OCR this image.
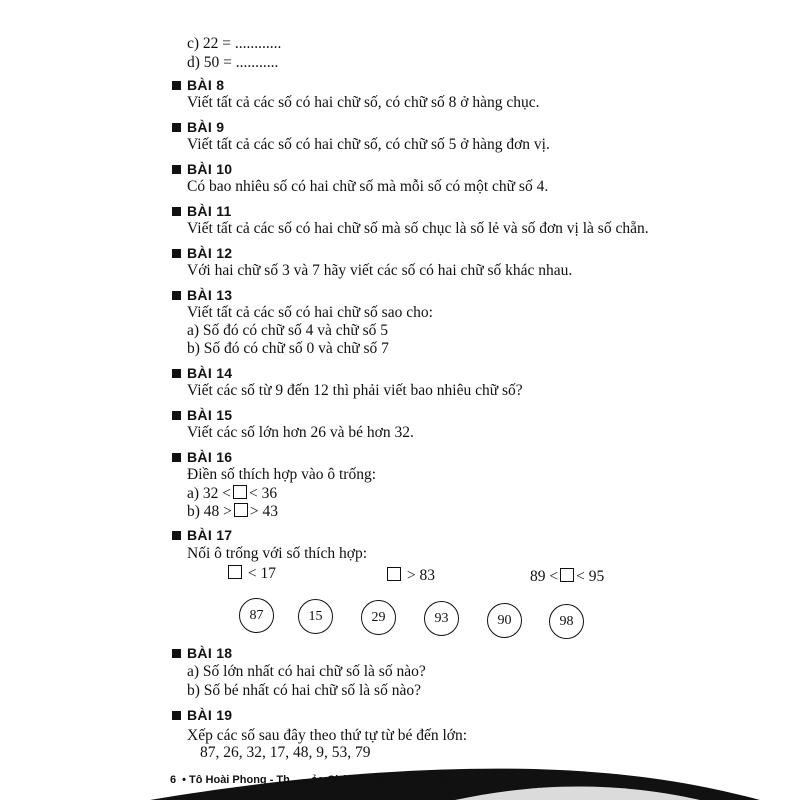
c) 22 = ............
d) 50 = ...........
BÀI 8
Viết tất cả các số có hai chữ số, có chữ số 8 ở hàng chục.
BÀI 9
Viết tất cả các số có hai chữ số, có chữ số 5 ở hàng đơn vị.
BÀI 10
Có bao nhiêu số có hai chữ số mà mỗi số có một chữ số 4.
BÀI 11
Viết tất cả các số có hai chữ số mà số chục là số lẻ và số đơn vị là số chẵn.
BÀI 12
Với hai chữ số 3 và 7 hãy viết các số có hai chữ số khác nhau.
BÀI 13
Viết tất cả các số có hai chữ số sao cho:
a) Số đó có chữ số 4 và chữ số 5
b) Số đó có chữ số 0 và chữ số 7
BÀI 14
Viết các số từ 9 đến 12 thì phải viết bao nhiêu chữ số?
BÀI 15
Viết các số lớn hơn 26 và bé hơn 32.
BÀI 16
Điền số thích hợp vào ô trống:
a) 32 < < 36
b) 48 > > 43
BÀI 17
Nối ô trống với số thích hợp:
< 17	> 83	89 < < 95
87	15	29	93	90	98
BÀI 18
a) Số lớn nhất có hai chữ số là số nào?
b) Số bé nhất có hai chữ số là số nào?
BÀI 19
Xếp các số sau đây theo thứ tự từ bé đến lớn:
87, 26, 32, 17, 48, 9, 53, 79
6 • Tô Hoài Phong - Th... ...ảo Châu - Trần Huỳnh Thống
